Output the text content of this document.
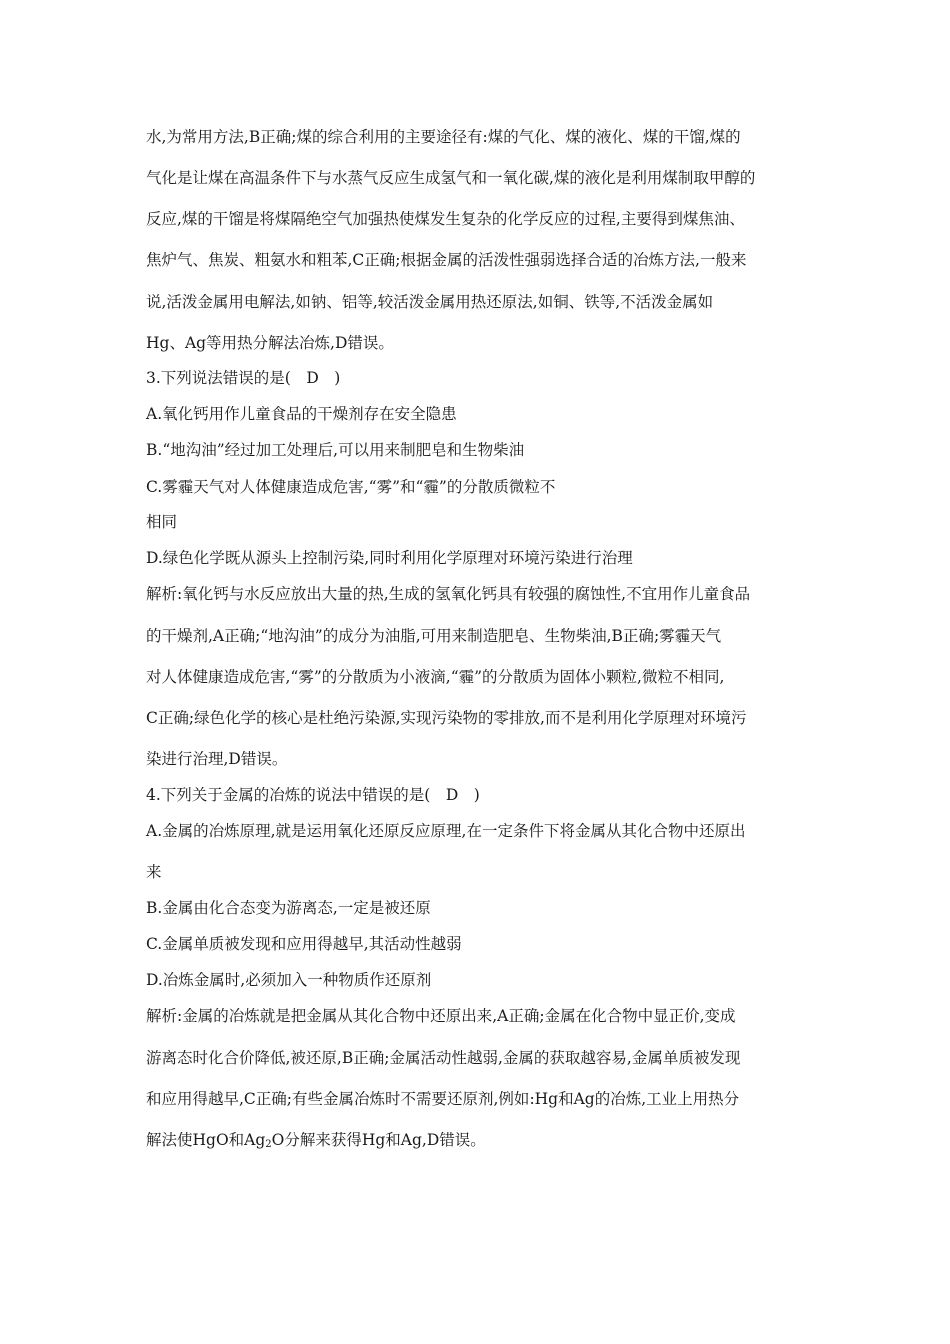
水,为常用方法,B正确;煤的综合利用的主要途径有:煤的气化、煤的液化、煤的干馏,煤的
气化是让煤在高温条件下与水蒸气反应生成氢气和一氧化碳,煤的液化是利用煤制取甲醇的
反应,煤的干馏是将煤隔绝空气加强热使煤发生复杂的化学反应的过程,主要得到煤焦油、
焦炉气、焦炭、粗氨水和粗苯,C正确;根据金属的活泼性强弱选择合适的冶炼方法,一般来
说,活泼金属用电解法,如钠、铝等,较活泼金属用热还原法,如铜、铁等,不活泼金属如
Hg、Ag等用热分解法冶炼,D错误。
3.下列说法错误的是(　D　)
A.氧化钙用作儿童食品的干燥剂存在安全隐患
B.“地沟油”经过加工处理后,可以用来制肥皂和生物柴油
C.雾霾天气对人体健康造成危害,“雾”和“霾”的分散质微粒不
相同
D.绿色化学既从源头上控制污染,同时利用化学原理对环境污染进行治理
解析:氧化钙与水反应放出大量的热,生成的氢氧化钙具有较强的腐蚀性,不宜用作儿童食品
的干燥剂,A正确;“地沟油”的成分为油脂,可用来制造肥皂、生物柴油,B正确;雾霾天气
对人体健康造成危害,“雾”的分散质为小液滴,“霾”的分散质为固体小颗粒,微粒不相同,
C正确;绿色化学的核心是杜绝污染源,实现污染物的零排放,而不是利用化学原理对环境污
染进行治理,D错误。
4.下列关于金属的冶炼的说法中错误的是(　D　)
A.金属的冶炼原理,就是运用氧化还原反应原理,在一定条件下将金属从其化合物中还原出
来
B.金属由化合态变为游离态,一定是被还原
C.金属单质被发现和应用得越早,其活动性越弱
D.冶炼金属时,必须加入一种物质作还原剂
解析:金属的冶炼就是把金属从其化合物中还原出来,A正确;金属在化合物中显正价,变成
游离态时化合价降低,被还原,B正确;金属活动性越弱,金属的获取越容易,金属单质被发现
和应用得越早,C正确;有些金属冶炼时不需要还原剂,例如:Hg和Ag的冶炼,工业上用热分
解法使HgO和$Ag_2O$分解来获得Hg和Ag,D错误。
